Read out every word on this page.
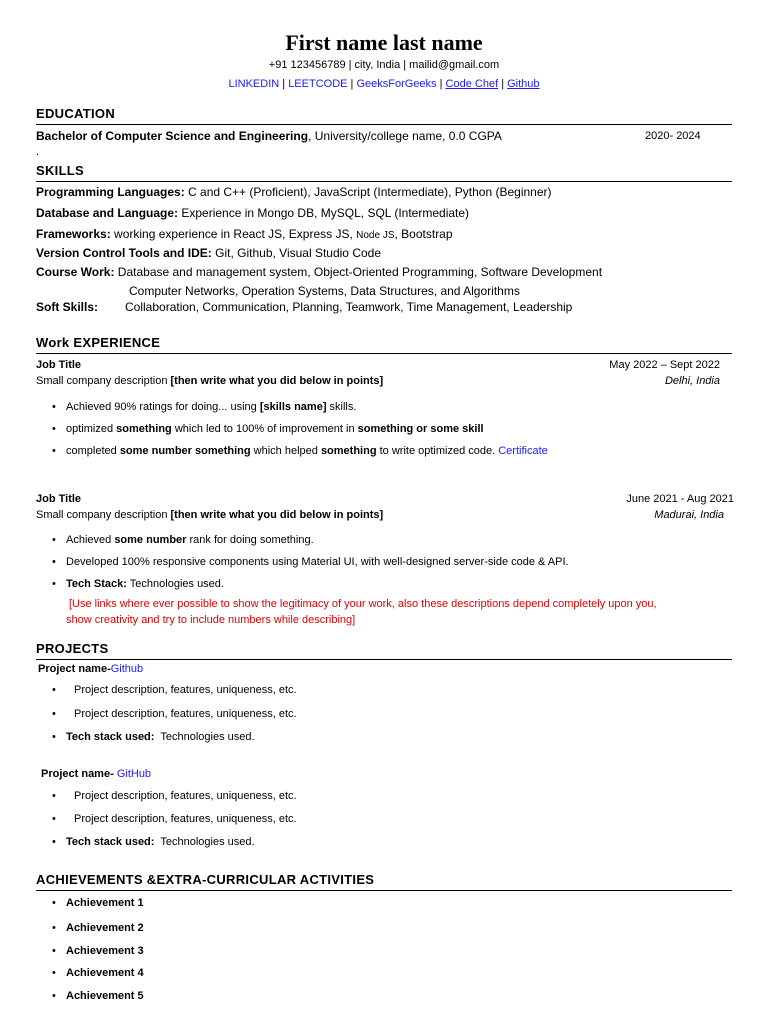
First name last name
+91 123456789 | city, India | mailid@gmail.com
LINKEDIN | LEETCODE | GeeksForGeeks | Code Chef | Github
EDUCATION
Bachelor of Computer Science and Engineering, University/college name, 0.0 CGPA	2020- 2024
.
SKILLS
Programming Languages: C and C++ (Proficient), JavaScript (Intermediate), Python (Beginner)
Database and Language: Experience in Mongo DB, MySQL, SQL (Intermediate)
Frameworks: working experience in React JS, Express JS, Node JS, Bootstrap
Version Control Tools and IDE: Git, Github, Visual Studio Code
Course Work: Database and management system, Object-Oriented Programming, Software Development
Computer Networks, Operation Systems, Data Structures, and Algorithms
Soft Skills: Collaboration, Communication, Planning, Teamwork, Time Management, Leadership
Work EXPERIENCE
Job Title	May 2022 – Sept 2022
Small company description [then write what you did below in points]	Delhi, India
• Achieved 90% ratings for doing... using [skills name] skills.
• optimized something which led to 100% of improvement in something or some skill
• completed some number something which helped something to write optimized code. Certificate
Job Title	June 2021 - Aug 2021
Small company description [then write what you did below in points]	Madurai, India
• Achieved some number rank for doing something.
• Developed 100% responsive components using Material UI, with well-designed server-side code & API.
• Tech Stack: Technologies used.
[Use links where ever possible to show the legitimacy of your work, also these descriptions depend completely upon you,
show creativity and try to include numbers while describing]
PROJECTS
Project name-Github
• Project description, features, uniqueness, etc.
• Project description, features, uniqueness, etc.
• Tech stack used: Technologies used.
Project name- GitHub
• Project description, features, uniqueness, etc.
• Project description, features, uniqueness, etc.
• Tech stack used: Technologies used.
ACHIEVEMENTS &EXTRA-CURRICULAR ACTIVITIES
• Achievement 1
• Achievement 2
• Achievement 3
• Achievement 4
• Achievement 5
